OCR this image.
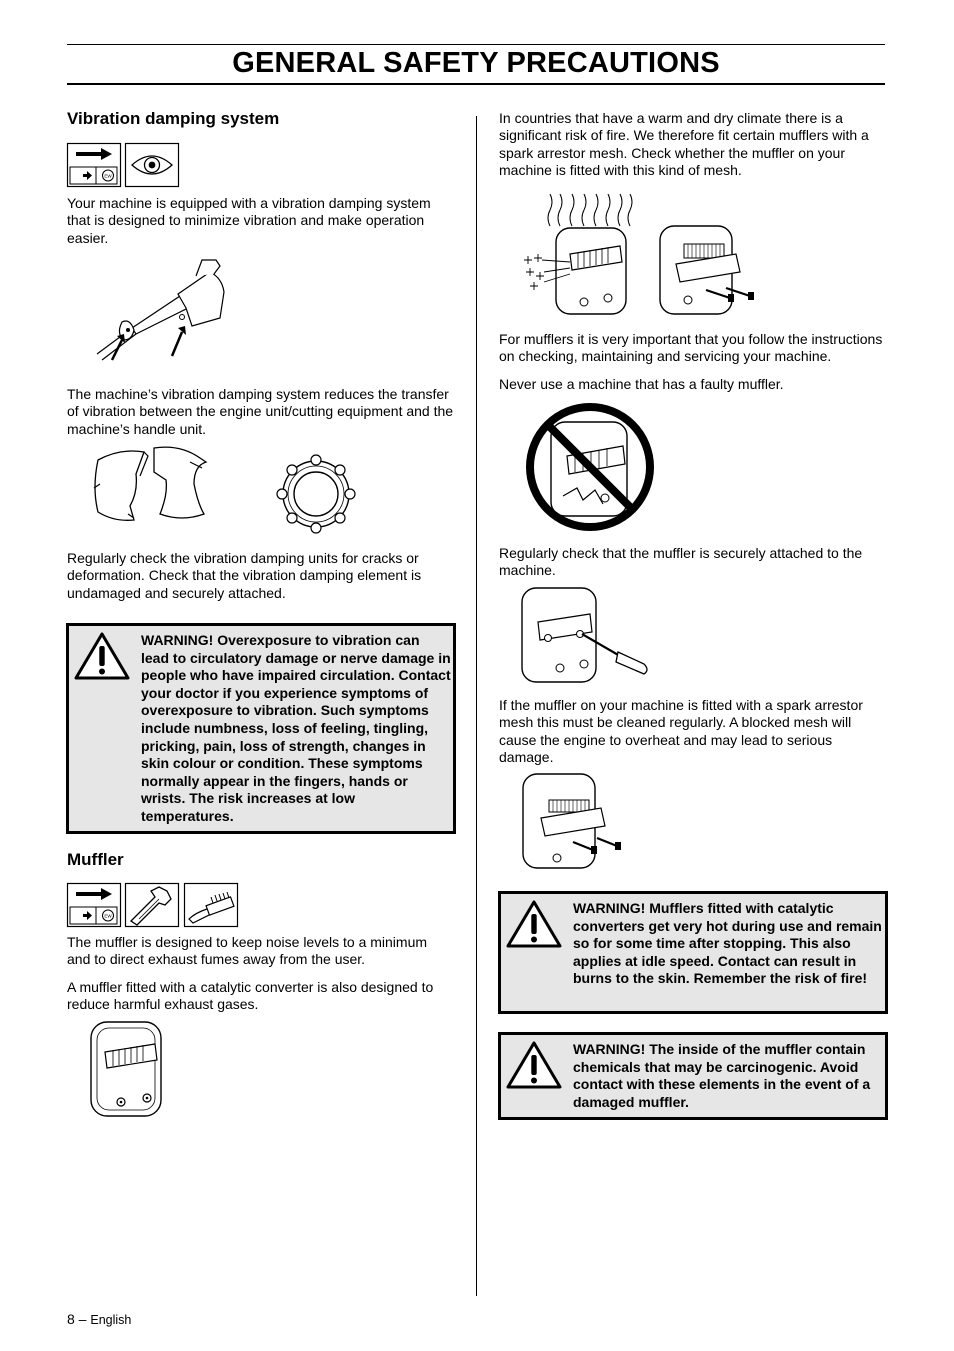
GENERAL SAFETY PRECAUTIONS
Vibration damping system
EW

Your machine is equipped with a vibration damping system that is designed to minimize vibration and make operation easier.

The machine’s vibration damping system reduces the transfer of vibration between the engine unit/cutting equipment and the machine’s handle unit.

Regularly check the vibration damping units for cracks or deformation. Check that the vibration damping element is undamaged and securely attached.

WARNING! Overexposure to vibration can lead to circulatory damage or nerve damage in people who have impaired circulation. Contact your doctor if you experience symptoms of overexposure to vibration. Such symptoms include numbness, loss of feeling, tingling, pricking, pain, loss of strength, changes in skin colour or condition. These symptoms normally appear in the fingers, hands or wrists. The risk increases at low temperatures.

Muffler
EW

The muffler is designed to keep noise levels to a minimum and to direct exhaust fumes away from the user.

A muffler fitted with a catalytic converter is also designed to reduce harmful exhaust gases.

In countries that have a warm and dry climate there is a significant risk of fire. We therefore fit certain mufflers with a spark arrestor mesh. Check whether the muffler on your machine is fitted with this kind of mesh.

For mufflers it is very important that you follow the instructions on checking, maintaining and servicing your machine.

Never use a machine that has a faulty muffler.

Regularly check that the muffler is securely attached to the machine.

If the muffler on your machine is fitted with a spark arrestor mesh this must be cleaned regularly. A blocked mesh will cause the engine to overheat and may lead to serious damage.

WARNING! Mufflers fitted with catalytic converters get very hot during use and remain so for some time after stopping. This also applies at idle speed. Contact can result in burns to the skin. Remember the risk of fire!

WARNING! The inside of the muffler contain chemicals that may be carcinogenic. Avoid contact with these elements in the event of a damaged muffler.

8 – English
